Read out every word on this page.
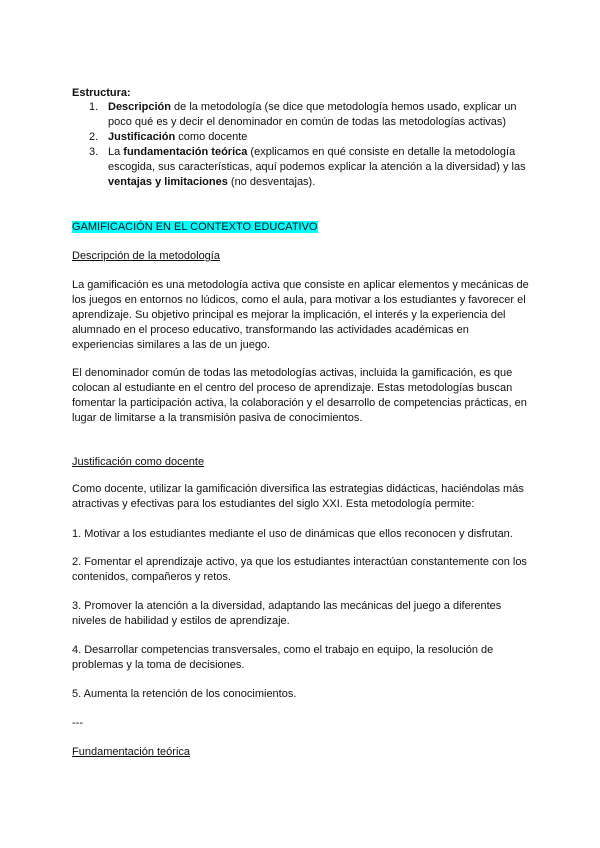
Estructura:
1. Descripción de la metodología (se dice que metodología hemos usado, explicar un poco qué es y decir el denominador en común de todas las metodologías activas)
2. Justificación como docente
3. La fundamentación teórica (explicamos en qué consiste en detalle la metodología escogida, sus características, aquí podemos explicar la atención a la diversidad) y las ventajas y limitaciones (no desventajas).
GAMIFICACIÓN EN EL CONTEXTO EDUCATIVO
Descripción de la metodología

La gamificación es una metodología activa que consiste en aplicar elementos y mecánicas de los juegos en entornos no lúdicos, como el aula, para motivar a los estudiantes y favorecer el aprendizaje. Su objetivo principal es mejorar la implicación, el interés y la experiencia del alumnado en el proceso educativo, transformando las actividades académicas en experiencias similares a las de un juego.

El denominador común de todas las metodologías activas, incluida la gamificación, es que colocan al estudiante en el centro del proceso de aprendizaje. Estas metodologías buscan fomentar la participación activa, la colaboración y el desarrollo de competencias prácticas, en lugar de limitarse a la transmisión pasiva de conocimientos.

Justificación como docente

Como docente, utilizar la gamificación diversifica las estrategias didácticas, haciéndolas más atractivas y efectivas para los estudiantes del siglo XXI. Esta metodología permite:

1. Motivar a los estudiantes mediante el uso de dinámicas que ellos reconocen y disfrutan.

2. Fomentar el aprendizaje activo, ya que los estudiantes interactúan constantemente con los contenidos, compañeros y retos.

3. Promover la atención a la diversidad, adaptando las mecánicas del juego a diferentes niveles de habilidad y estilos de aprendizaje.

4. Desarrollar competencias transversales, como el trabajo en equipo, la resolución de problemas y la toma de decisiones.

5. Aumenta la retención de los conocimientos.

---
Fundamentación teórica
